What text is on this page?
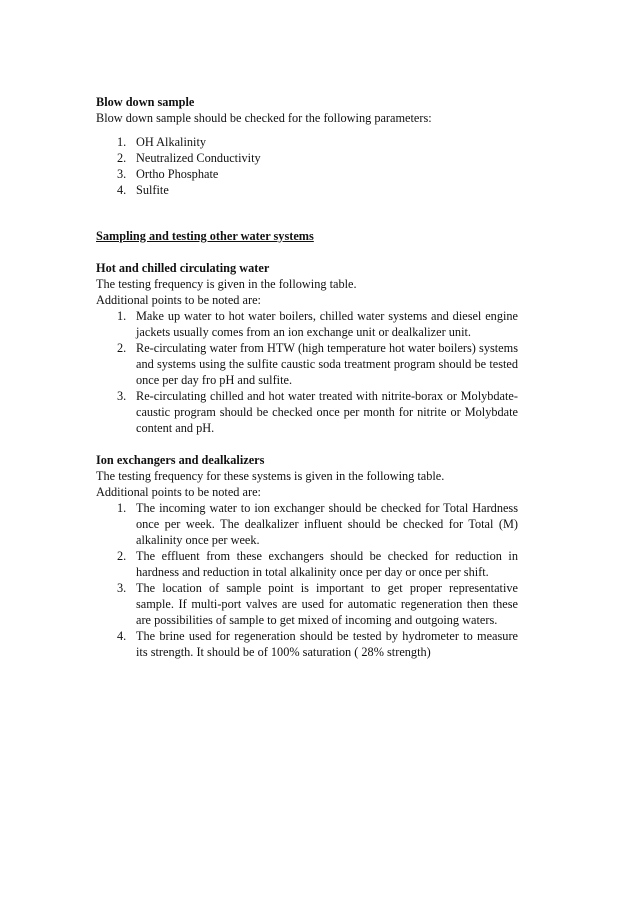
Blow down sample

Blow down sample should be checked for the following parameters:

1. OH Alkalinity
2. Neutralized Conductivity
3. Ortho Phosphate
4. Sulfite

Sampling and testing other water systems

Hot and chilled circulating water

The testing frequency is given in the following table.

Additional points to be noted are:

1. Make up water to hot water boilers, chilled water systems and diesel engine jackets usually comes from an ion exchange unit or dealkalizer unit.
2. Re-circulating water from HTW (high temperature hot water boilers) systems and systems using the sulfite caustic soda treatment program should be tested once per day fro pH and sulfite.
3. Re-circulating chilled and hot water treated with nitrite-borax or Molybdate-caustic program should be checked once per month for nitrite or Molybdate content and pH.

Ion exchangers and dealkalizers

The testing frequency for these systems is given in the following table.

Additional points to be noted are:

1. The incoming water to ion exchanger should be checked for Total Hardness once per week. The dealkalizer influent should be checked for Total (M) alkalinity once per week.
2. The effluent from these exchangers should be checked for reduction in hardness and reduction in total alkalinity once per day or once per shift.
3. The location of sample point is important to get proper representative sample. If multi-port valves are used for automatic regeneration then these are possibilities of sample to get mixed of incoming and outgoing waters.
4. The brine used for regeneration should be tested by hydrometer to measure its strength. It should be of 100% saturation ( 28% strength)
